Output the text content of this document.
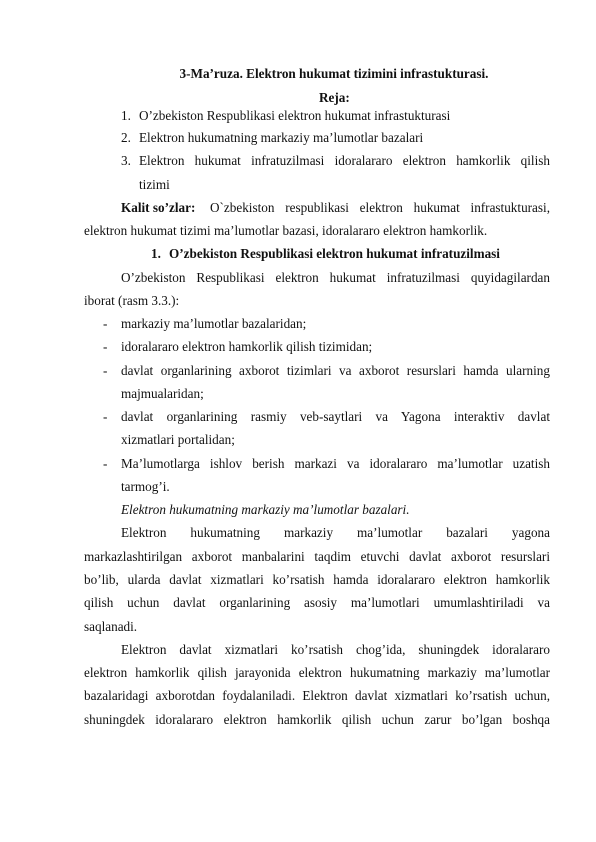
3-Ma’ruza. Elektron hukumat tizimini infrastukturasi.
Reja:
1. O’zbekiston Respublikasi elektron hukumat infrastukturasi
2. Elektron hukumatning markaziy ma’lumotlar bazalari
3. Elektron hukumat infratuzilmasi idoralararo elektron hamkorlik qilish
tizimi
Kalit so’zlar: O`zbekiston respublikasi elektron hukumat infrastukturasi,
elektron hukumat tizimi ma’lumotlar bazasi, idoralararo elektron hamkorlik.
1. O’zbekiston Respublikasi elektron hukumat infratuzilmasi
O’zbekiston Respublikasi elektron hukumat infratuzilmasi quyidagilardan
iborat (rasm 3.3.):
- markaziy ma’lumotlar bazalaridan;
- idoralararo elektron hamkorlik qilish tizimidan;
- davlat organlarining axborot tizimlari va axborot resurslari hamda ularning
majmualaridan;
- davlat organlarining rasmiy veb-saytlari va Yagona interaktiv davlat
xizmatlari portalidan;
- Ma’lumotlarga ishlov berish markazi va idoralararo ma’lumotlar uzatish
tarmog’i.
Elektron hukumatning markaziy ma’lumotlar bazalari.
Elektron hukumatning markaziy ma’lumotlar bazalari yagona
markazlashtirilgan axborot manbalarini taqdim etuvchi davlat axborot resurslari
bo’lib, ularda davlat xizmatlari ko’rsatish hamda idoralararo elektron hamkorlik
qilish uchun davlat organlarining asosiy ma’lumotlari umumlashtiriladi va
saqlanadi.
Elektron davlat xizmatlari ko’rsatish chog’ida, shuningdek idoralararo
elektron hamkorlik qilish jarayonida elektron hukumatning markaziy ma’lumotlar
bazalaridagi axborotdan foydalaniladi. Elektron davlat xizmatlari ko’rsatish uchun,
shuningdek idoralararo elektron hamkorlik qilish uchun zarur bo’lgan boshqa
